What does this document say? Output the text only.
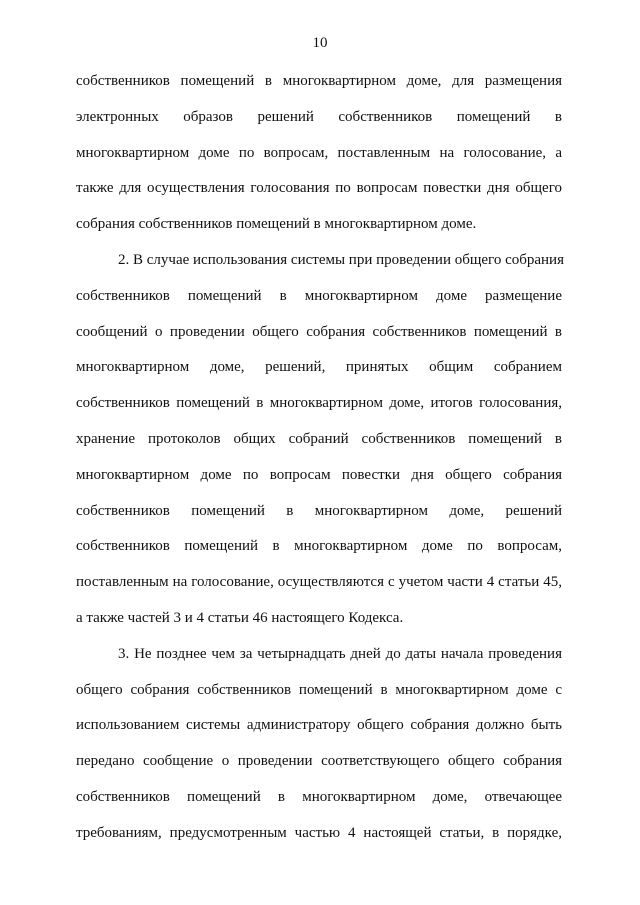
10
собственников помещений в многоквартирном доме, для размещения
электронных образов решений собственников помещений в
многоквартирном доме по вопросам, поставленным на голосование, а
также для осуществления голосования по вопросам повестки дня общего
собрания собственников помещений в многоквартирном доме.
2. В случае использования системы при проведении общего собрания
собственников помещений в многоквартирном доме размещение
сообщений о проведении общего собрания собственников помещений в
многоквартирном доме, решений, принятых общим собранием
собственников помещений в многоквартирном доме, итогов голосования,
хранение протоколов общих собраний собственников помещений в
многоквартирном доме по вопросам повестки дня общего собрания
собственников помещений в многоквартирном доме, решений
собственников помещений в многоквартирном доме по вопросам,
поставленным на голосование, осуществляются с учетом части 4 статьи 45,
а также частей 3 и 4 статьи 46 настоящего Кодекса.
3. Не позднее чем за четырнадцать дней до даты начала проведения
общего собрания собственников помещений в многоквартирном доме с
использованием системы администратору общего собрания должно быть
передано сообщение о проведении соответствующего общего собрания
собственников помещений в многоквартирном доме, отвечающее
требованиям, предусмотренным частью 4 настоящей статьи, в порядке,
